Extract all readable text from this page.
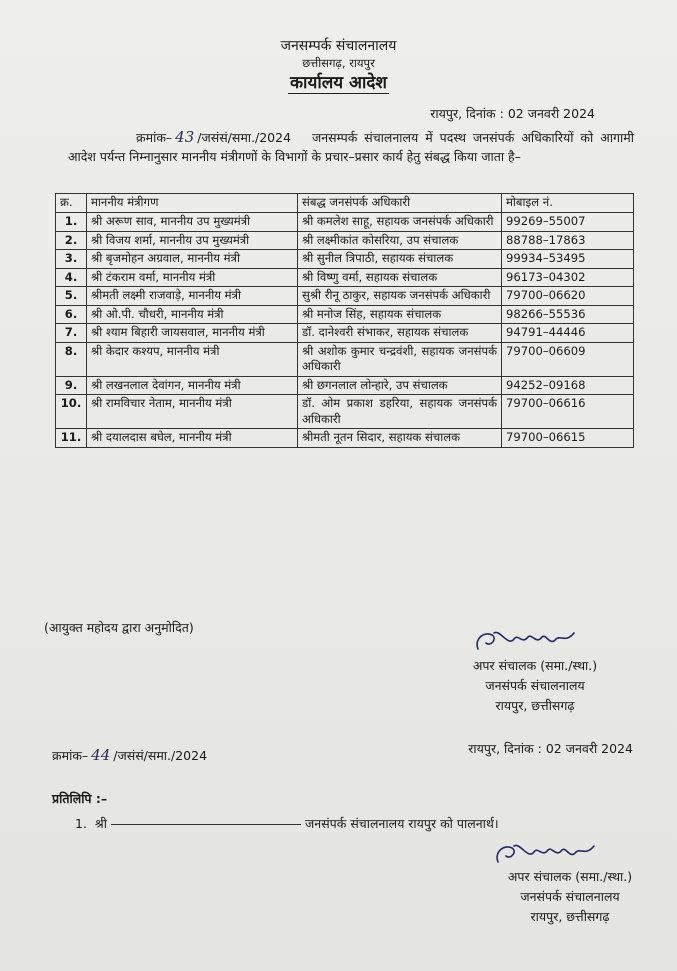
जनसम्पर्क संचालनालय
छत्तीसगढ़, रायपुर
कार्यालय आदेश
रायपुर, दिनांक : 02 जनवरी 2024
क्रमांक– 43 /जसंसं/समा./2024 जनसम्पर्क संचालनालय में पदस्थ जनसंपर्क अधिकारियों को आगामी आदेश पर्यन्त निम्नानुसार माननीय मंत्रीगणों के विभागों के प्रचार–प्रसार कार्य हेतु संबद्ध किया जाता है–
क्र.	माननीय मंत्रीगण	संबद्ध जनसंपर्क अधिकारी	मोबाइल नं.
1.	श्री अरूण साव, माननीय उप मुख्यमंत्री	श्री कमलेश साहू, सहायक जनसंपर्क अधिकारी	99269–55007
2.	श्री विजय शर्मा, माननीय उप मुख्यमंत्री	श्री लक्ष्मीकांत कोसरिया, उप संचालक	88788–17863
3.	श्री बृजमोहन अग्रवाल, माननीय मंत्री	श्री सुनील त्रिपाठी, सहायक संचालक	99934–53495
4.	श्री टंकराम वर्मा, माननीय मंत्री	श्री विष्णु वर्मा, सहायक संचालक	96173–04302
5.	श्रीमती लक्ष्मी राजवाड़े, माननीय मंत्री	सुश्री रीनू ठाकुर, सहायक जनसंपर्क अधिकारी	79700–06620
6.	श्री ओ.पी. चौधरी, माननीय मंत्री	श्री मनोज सिंह, सहायक संचालक	98266–55536
7.	श्री श्याम बिहारी जायसवाल, माननीय मंत्री	डॉ. दानेश्वरी संभाकर, सहायक संचालक	94791–44446
8.	श्री केदार कश्यप, माननीय मंत्री	श्री अशोक कुमार चन्द्रवंशी, सहायक जनसंपर्क अधिकारी	79700–06609
9.	श्री लखनलाल देवांगन, माननीय मंत्री	श्री छगनलाल लोन्हारे, उप संचालक	94252–09168
10.	श्री रामविचार नेताम, माननीय मंत्री	डॉ. ओम प्रकाश डहरिया, सहायक जनसंपर्क अधिकारी	79700–06616
11.	श्री दयालदास बघेल, माननीय मंत्री	श्रीमती नूतन सिदार, सहायक संचालक	79700–06615
(आयुक्त महोदय द्वारा अनुमोदित)
अपर संचालक (समा./स्था.)
जनसंपर्क संचालनालय
रायपुर, छत्तीसगढ़
क्रमांक– 44 /जसंसं/समा./2024	रायपुर, दिनांक : 02 जनवरी 2024
प्रतिलिपि :–
1. श्री	जनसंपर्क संचालनालय रायपुर को पालनार्थ।
अपर संचालक (समा./स्था.)
जनसंपर्क संचालनालय
रायपुर, छत्तीसगढ़
